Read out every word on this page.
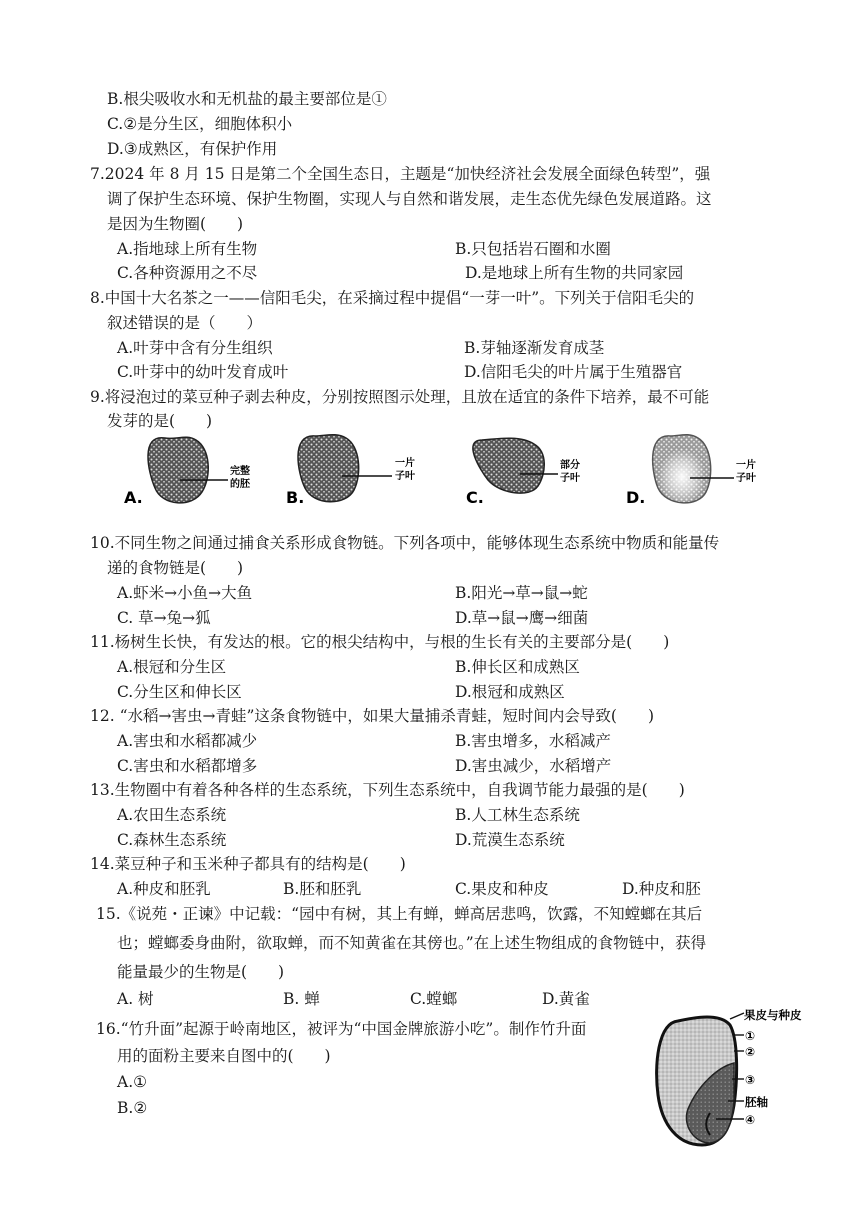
B.根尖吸收水和无机盐的最主要部位是①
C.②是分生区，细胞体积小
D.③成熟区，有保护作用
7.2024 年 8 月 15 日是第二个全国生态日，主题是“加快经济社会发展全面绿色转型”，强
调了保护生态环境、保护生物圈，实现人与自然和谐发展，走生态优先绿色发展道路。这
是因为生物圈(　　)
A.指地球上所有生物	B.只包括岩石圈和水圈
C.各种资源用之不尽	D.是地球上所有生物的共同家园
8.中国十大名茶之一——信阳毛尖，在采摘过程中提倡“一芽一叶”。下列关于信阳毛尖的
叙述错误的是（　　）
A.叶芽中含有分生组织	B.芽轴逐渐发育成茎
C.叶芽中的幼叶发育成叶	D.信阳毛尖的叶片属于生殖器官
9.将浸泡过的菜豆种子剥去种皮，分别按照图示处理，且放在适宜的条件下培养，最不可能
发芽的是(　　)
A.
完整
的胚
B.
一片
子叶
C.
部分
子叶
D.
一片
子叶
10.不同生物之间通过捕食关系形成食物链。下列各项中，能够体现生态系统中物质和能量传
递的食物链是(　　)
A.虾米→小鱼→大鱼	B.阳光→草→鼠→蛇
C. 草→兔→狐	D.草→鼠→鹰→细菌
11.杨树生长快，有发达的根。它的根尖结构中，与根的生长有关的主要部分是(　　)
A.根冠和分生区	B.伸长区和成熟区
C.分生区和伸长区	D.根冠和成熟区
12. “水稻→害虫→青蛙”这条食物链中，如果大量捕杀青蛙，短时间内会导致(　　)
A.害虫和水稻都减少	B.害虫增多，水稻减产
C.害虫和水稻都增多	D.害虫减少，水稻增产
13.生物圈中有着各种各样的生态系统，下列生态系统中，自我调节能力最强的是(　　)
A.农田生态系统	B.人工林生态系统
C.森林生态系统	D.荒漠生态系统
14.菜豆种子和玉米种子都具有的结构是(　　)
A.种皮和胚乳	B.胚和胚乳	C.果皮和种皮	D.种皮和胚
15.《说苑・正谏》中记载：“园中有树，其上有蝉，蝉高居悲鸣，饮露，不知螳螂在其后
也；螳螂委身曲附，欲取蝉，而不知黄雀在其傍也。”在上述生物组成的食物链中，获得
能量最少的生物是(　　)
A. 树	B. 蝉	C.螳螂	D.黄雀
16.“竹升面”起源于岭南地区，被评为“中国金牌旅游小吃”。制作竹升面
用的面粉主要来自图中的(　　)
A.①
B.②
果皮与种皮
①
②
③
胚轴
④
